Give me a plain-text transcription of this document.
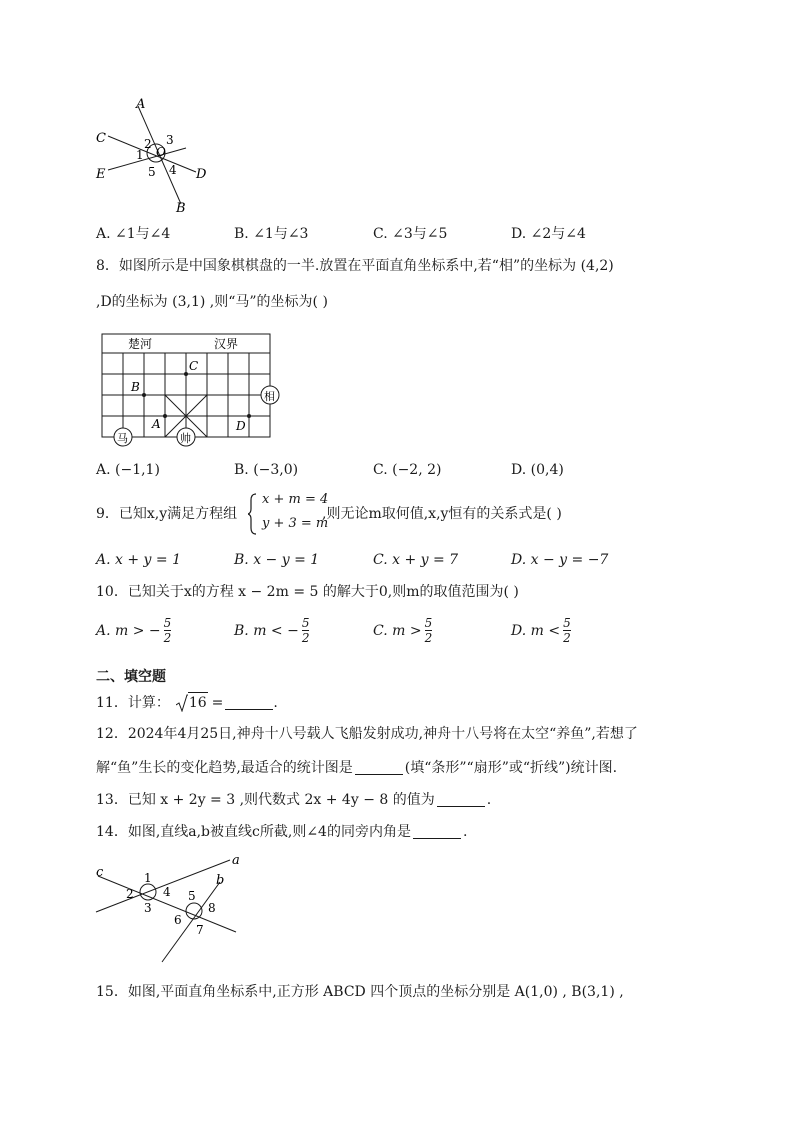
A
B
C
D
E
1
2 3
4
5
O
A. ∠1与∠4	B. ∠1与∠3	C. ∠3与∠5	D. ∠2与∠4
8．如图所示是中国象棋棋盘的一半.放置在平面直角坐标系中,若“相”的坐标为 (4,2)
,D的坐标为 (3,1) ,则“马”的坐标为( )
楚河	汉界
B
C
A	D
相
帅
马
A. (−1,1)	B. (−3,0)	C. (−2, 2)	D. (0,4)
9．已知x,y满足方程组
x + m = 4
y + 3 = m
,则无论m取何值,x,y恒有的关系式是( )
A. x + y = 1	B. x − y = 1	C. x + y = 7	D. x − y = −7
10．已知关于x的方程 x − 2m = 5 的解大于0,则m的取值范围为( )
A. m > − $\frac{5}{2}$	B. m < − $\frac{5}{2}$	C. $m > \frac{5}{2}$	D. $m < \frac{5}{2}$
二、填空题
11．计算： 16 =	.
12．2024年4月25日,神舟十八号载人飞船发射成功,神舟十八号将在太空“养鱼”,若想了
解“鱼”生长的变化趋势,最适合的统计图是	(填“条形”“扇形”或“折线”)统计图.
13．已知 x + 2y = 3 ,则代数式 2x + 4y − 8 的值为	.
14．如图,直线a,b被直线c所截,则∠4的同旁内角是	.
a
b
c	1
2
3
4 5
6
7
8
15．如图,平面直角坐标系中,正方形 ABCD 四个顶点的坐标分别是 A(1,0) , B(3,1) ,
